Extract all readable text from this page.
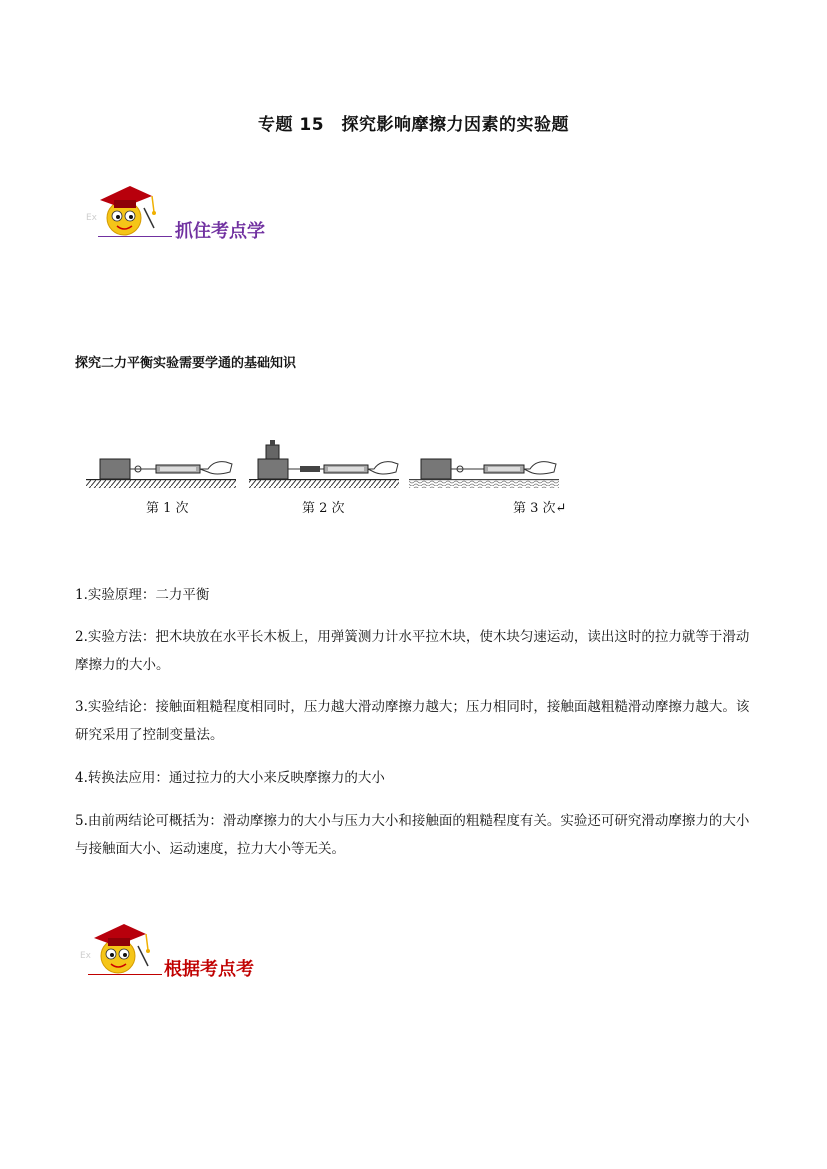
专题 15　探究影响摩擦力因素的实验题
Ex
抓住考点学
探究二力平衡实验需要学通的基础知识
第 1 次	第 2 次	第 3 次↵
1.实验原理：二力平衡
2.实验方法：把木块放在水平长木板上，用弹簧测力计水平拉木块，使木块匀速运动，读出这时的拉力就等于滑动摩擦力的大小。
3.实验结论：接触面粗糙程度相同时，压力越大滑动摩擦力越大；压力相同时，接触面越粗糙滑动摩擦力越大。该研究采用了控制变量法。
4.转换法应用：通过拉力的大小来反映摩擦力的大小
5.由前两结论可概括为：滑动摩擦力的大小与压力大小和接触面的粗糙程度有关。实验还可研究滑动摩擦力的大小与接触面大小、运动速度，拉力大小等无关。
Ex
根据考点考
